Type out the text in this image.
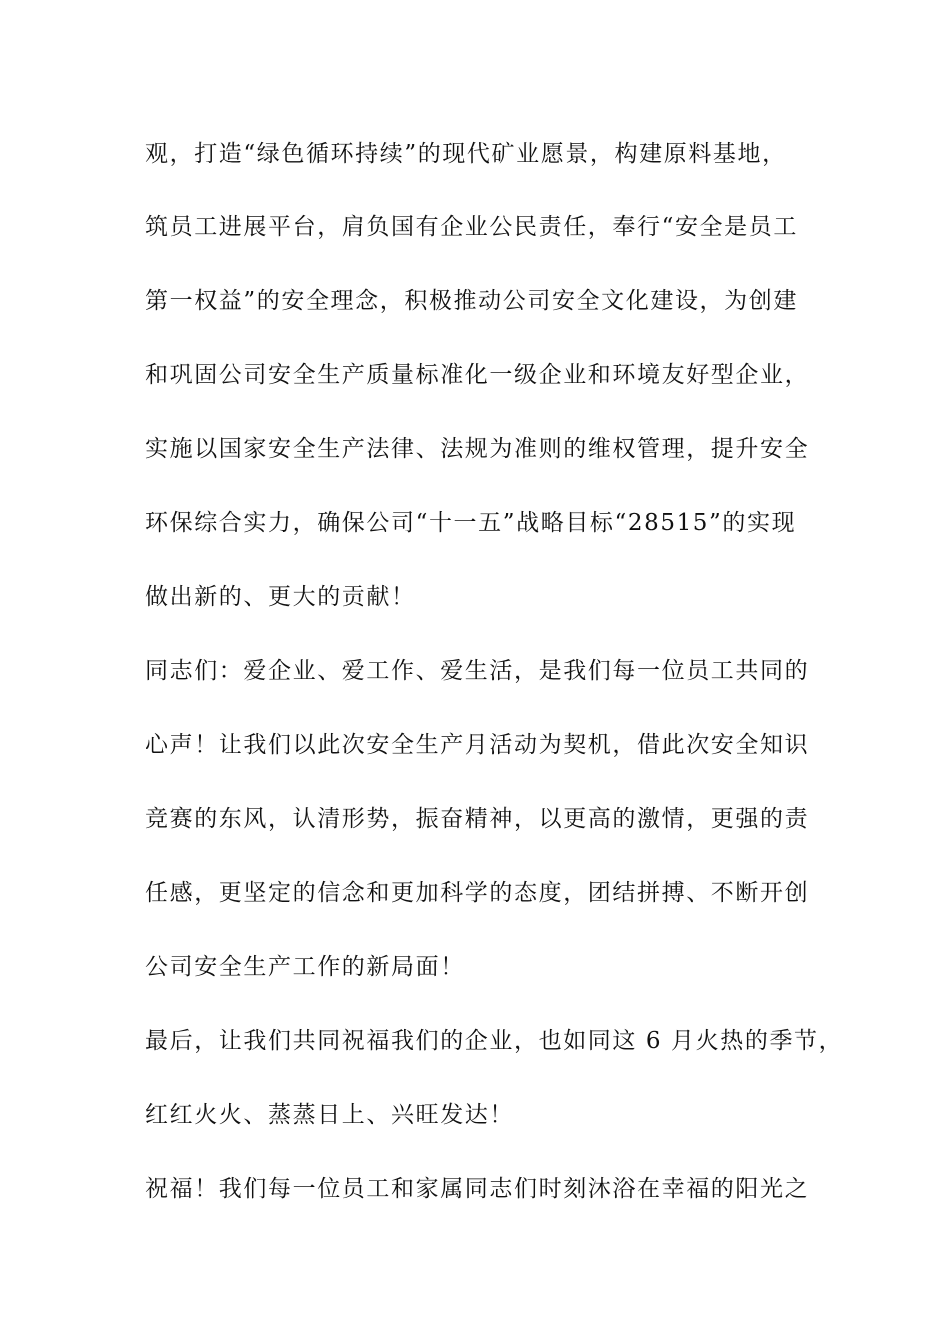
观，打造“绿色循环持续”的现代矿业愿景，构建原料基地，

筑员工进展平台，肩负国有企业公民责任，奉行“安全是员工

第一权益”的安全理念，积极推动公司安全文化建设，为创建

和巩固公司安全生产质量标准化一级企业和环境友好型企业，

实施以国家安全生产法律、法规为准则的维权管理，提升安全

环保综合实力，确保公司“十一五”战略目标“28515”的实现

做出新的、更大的贡献！

同志们：爱企业、爱工作、爱生活，是我们每一位员工共同的

心声！让我们以此次安全生产月活动为契机，借此次安全知识

竞赛的东风，认清形势，振奋精神，以更高的激情，更强的责

任感，更坚定的信念和更加科学的态度，团结拼搏、不断开创

公司安全生产工作的新局面！

最后，让我们共同祝福我们的企业，也如同这 6 月火热的季节，

红红火火、蒸蒸日上、兴旺发达！

祝福！我们每一位员工和家属同志们时刻沐浴在幸福的阳光之
